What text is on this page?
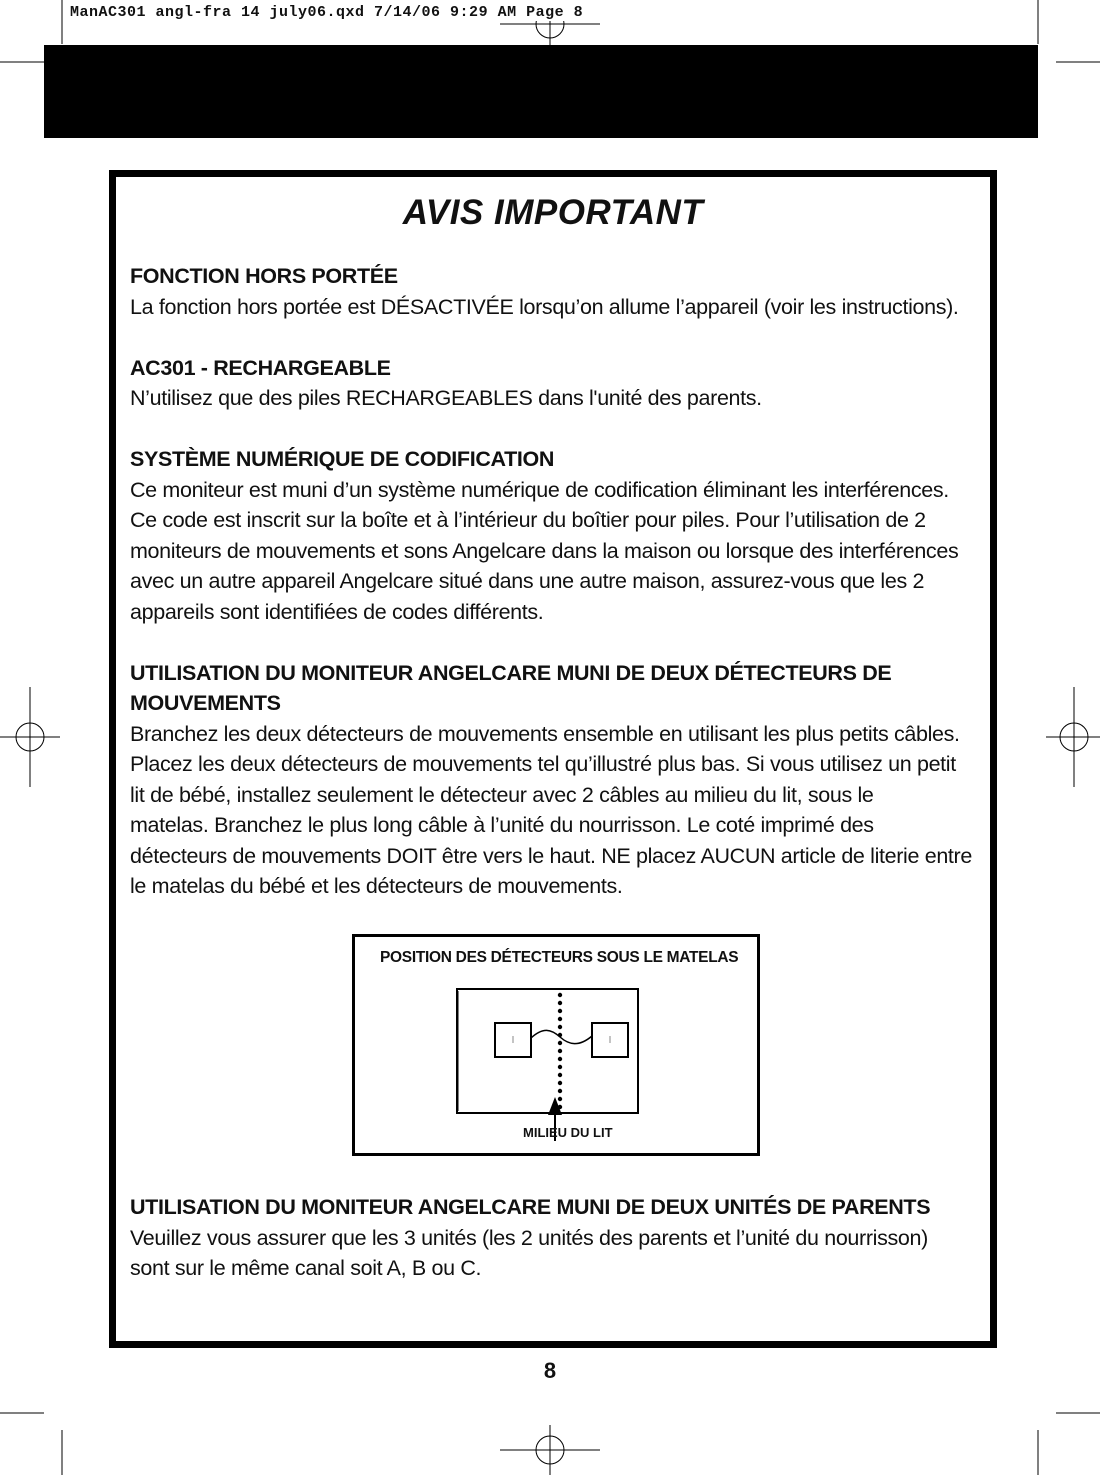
ManAC301 angl-fra 14 july06.qxd 7/14/06 9:29 AM Page 8
AVIS IMPORTANT
FONCTION HORS PORTÉE
La fonction hors portée est DÉSACTIVÉE lorsqu’on allume l’appareil (voir les instructions).
AC301 - RECHARGEABLE
N’utilisez que des piles RECHARGEABLES dans l'unité des parents.
SYSTÈME NUMÉRIQUE DE CODIFICATION
Ce moniteur est muni d’un système numérique de codification éliminant les interférences.
Ce code est inscrit sur la boîte et à l’intérieur du boîtier pour piles. Pour l’utilisation de 2
moniteurs de mouvements et sons Angelcare dans la maison ou lorsque des interférences
avec un autre appareil Angelcare situé dans une autre maison, assurez-vous que les 2
appareils sont identifiées de codes différents.
UTILISATION DU MONITEUR ANGELCARE MUNI DE DEUX DÉTECTEURS DE
MOUVEMENTS
Branchez les deux détecteurs de mouvements ensemble en utilisant les plus petits câbles.
Placez les deux détecteurs de mouvements tel qu’illustré plus bas. Si vous utilisez un petit
lit de bébé, installez seulement le détecteur avec 2 câbles au milieu du lit, sous le
matelas. Branchez le plus long câble à l’unité du nourrisson. Le coté imprimé des
détecteurs de mouvements DOIT être vers le haut. NE placez AUCUN article de literie entre
le matelas du bébé et les détecteurs de mouvements.
POSITION DES DÉTECTEURS SOUS LE MATELAS
MILIEU DU LIT
UTILISATION DU MONITEUR ANGELCARE MUNI DE DEUX UNITÉS DE PARENTS
Veuillez vous assurer que les 3 unités (les 2 unités des parents et l’unité du nourrisson)
sont sur le même canal soit A, B ou C.
8
